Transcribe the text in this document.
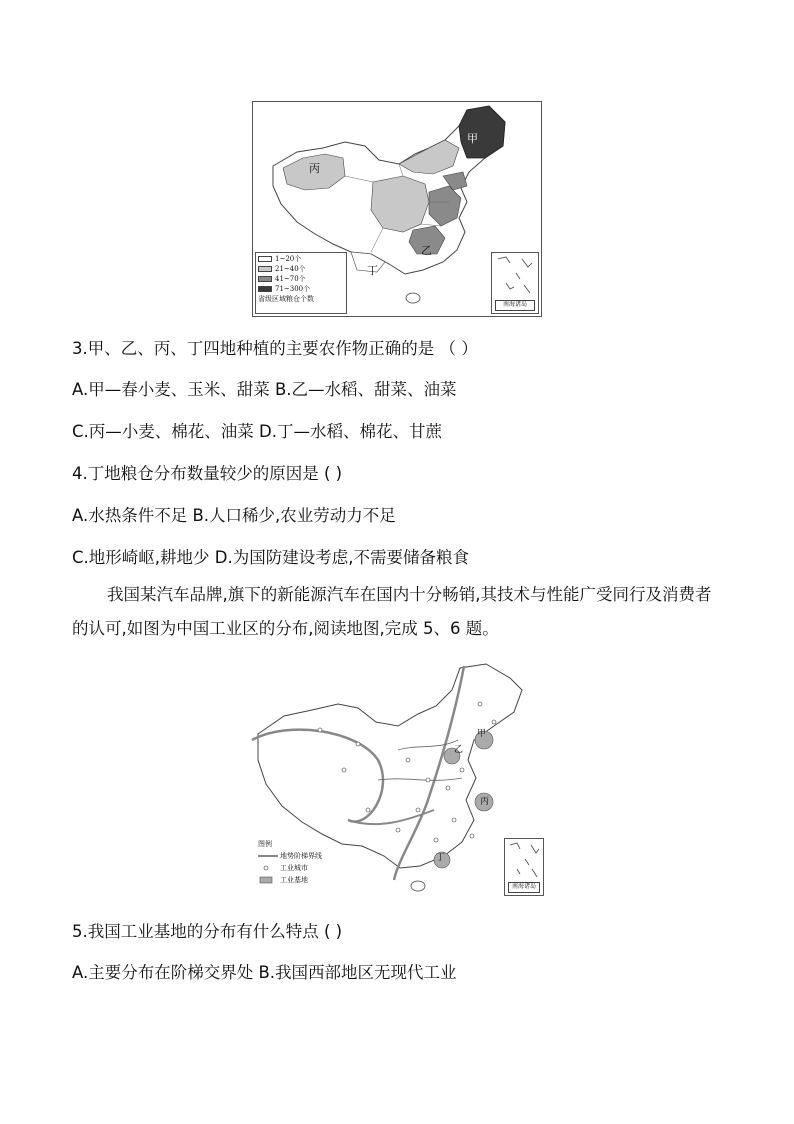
甲
丙
乙
丁
1~20个
21~40个
41~70个
71~300个
省级区域粮仓个数
南海诸岛
3.甲、乙、丙、丁四地种植的主要农作物正确的是 （ ）
A.甲—春小麦、玉米、甜菜 B.乙—水稻、甜菜、油菜
C.丙—小麦、棉花、油菜 D.丁—水稻、棉花、甘蔗
4.丁地粮仓分布数量较少的原因是 ( )
A.水热条件不足 B.人口稀少,农业劳动力不足
C.地形崎岖,耕地少 D.为国防建设考虑,不需要储备粮食
我国某汽车品牌,旗下的新能源汽车在国内十分畅销,其技术与性能广受同行及消费者的认可,如图为中国工业区的分布,阅读地图,完成 5、6 题。
甲
乙
丙
丁
南海诸岛
图例
地势阶梯界线
工业城市
工业基地
5.我国工业基地的分布有什么特点 ( )
A.主要分布在阶梯交界处 B.我国西部地区无现代工业
